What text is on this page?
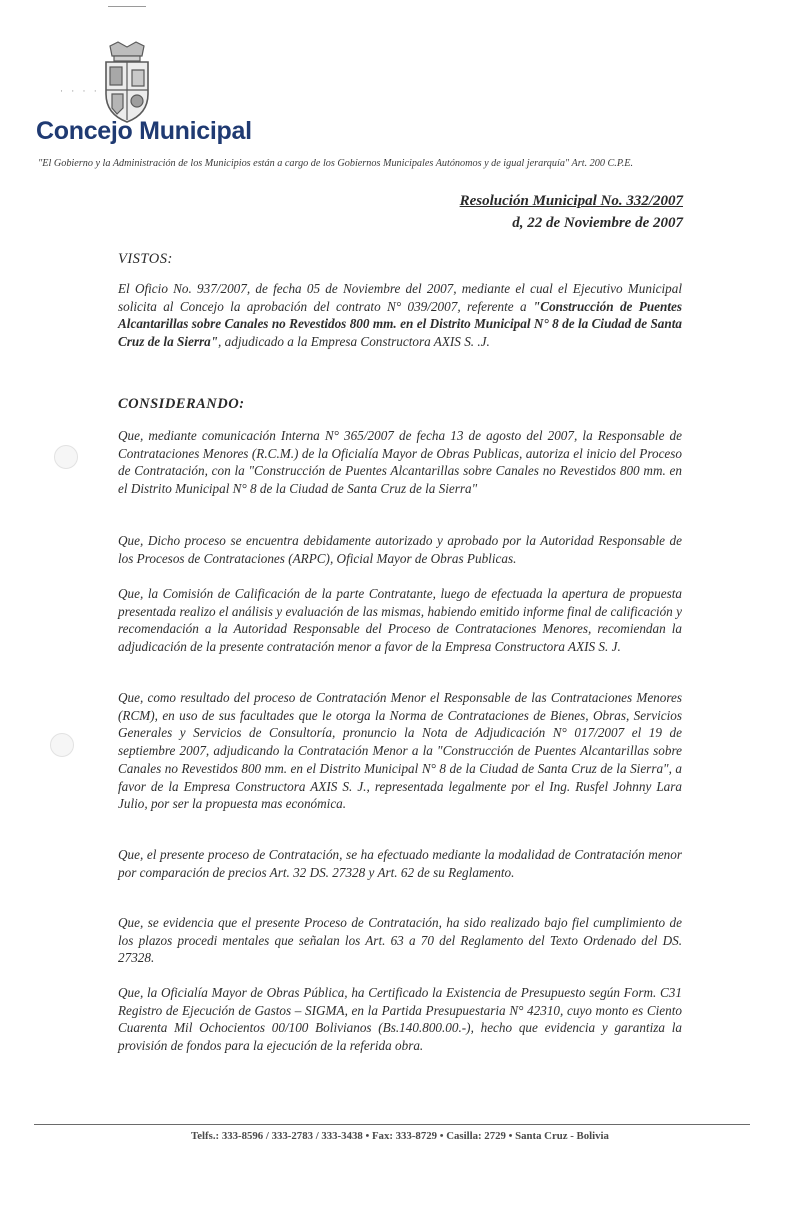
· · · ·
Concejo Municipal

"El Gobierno y la Administración de los Municipios están a cargo de los Gobiernos Municipales Autónomos y de igual jerarquía" Art. 200 C.P.E.

Resolución Municipal No. 332/2007

d, 22 de Noviembre de 2007

VISTOS:

El Oficio No. 937/2007, de fecha 05 de Noviembre del 2007, mediante el cual el Ejecutivo Municipal solicita al Concejo la aprobación del contrato N° 039/2007, referente a "Construcción de Puentes Alcantarillas sobre Canales no Revestidos 800 mm. en el Distrito Municipal N° 8 de la Ciudad de Santa Cruz de la Sierra", adjudicado a la Empresa Constructora AXIS S. .J.

CONSIDERANDO:

Que, mediante comunicación Interna N° 365/2007 de fecha 13 de agosto del 2007, la Responsable de Contrataciones Menores (R.C.M.) de la Oficialía Mayor de Obras Publicas, autoriza el inicio del Proceso de Contratación, con la "Construcción de Puentes Alcantarillas sobre Canales no Revestidos 800 mm. en el Distrito Municipal N° 8 de la Ciudad de Santa Cruz de la Sierra"

Que, Dicho proceso se encuentra debidamente autorizado y aprobado por la Autoridad Responsable de los Procesos de Contrataciones (ARPC), Oficial Mayor de Obras Publicas.

Que, la Comisión de Calificación de la parte Contratante, luego de efectuada la apertura de propuesta presentada realizo el análisis y evaluación de las mismas, habiendo emitido informe final de calificación y recomendación a la Autoridad Responsable del Proceso de Contrataciones Menores, recomiendan la adjudicación de la presente contratación menor a favor de la Empresa Constructora AXIS S. J.

Que, como resultado del proceso de Contratación Menor el Responsable de las Contrataciones Menores (RCM), en uso de sus facultades que le otorga la Norma de Contrataciones de Bienes, Obras, Servicios Generales y Servicios de Consultoría, pronuncio la Nota de Adjudicación N° 017/2007 el 19 de septiembre 2007, adjudicando la Contratación Menor a la "Construcción de Puentes Alcantarillas sobre Canales no Revestidos 800 mm. en el Distrito Municipal N° 8 de la Ciudad de Santa Cruz de la Sierra", a favor de la Empresa Constructora AXIS S. J., representada legalmente por el Ing. Rusfel Johnny Lara Julio, por ser la propuesta mas económica.

Que, el presente proceso de Contratación, se ha efectuado mediante la modalidad de Contratación menor por comparación de precios Art. 32 DS. 27328 y Art. 62 de su Reglamento.

Que, se evidencia que el presente Proceso de Contratación, ha sido realizado bajo fiel cumplimiento de los plazos procedi mentales que señalan los Art. 63 a 70 del Reglamento del Texto Ordenado del DS. 27328.

Que, la Oficialía Mayor de Obras Pública, ha Certificado la Existencia de Presupuesto según Form. C31 Registro de Ejecución de Gastos – SIGMA, en la Partida Presupuestaria N° 42310, cuyo monto es Ciento Cuarenta Mil Ochocientos 00/100 Bolivianos (Bs.140.800.00.-), hecho que evidencia y garantiza la provisión de fondos para la ejecución de la referida obra.

Telfs.: 333-8596 / 333-2783 / 333-3438 • Fax: 333-8729 • Casilla: 2729 • Santa Cruz - Bolivia
